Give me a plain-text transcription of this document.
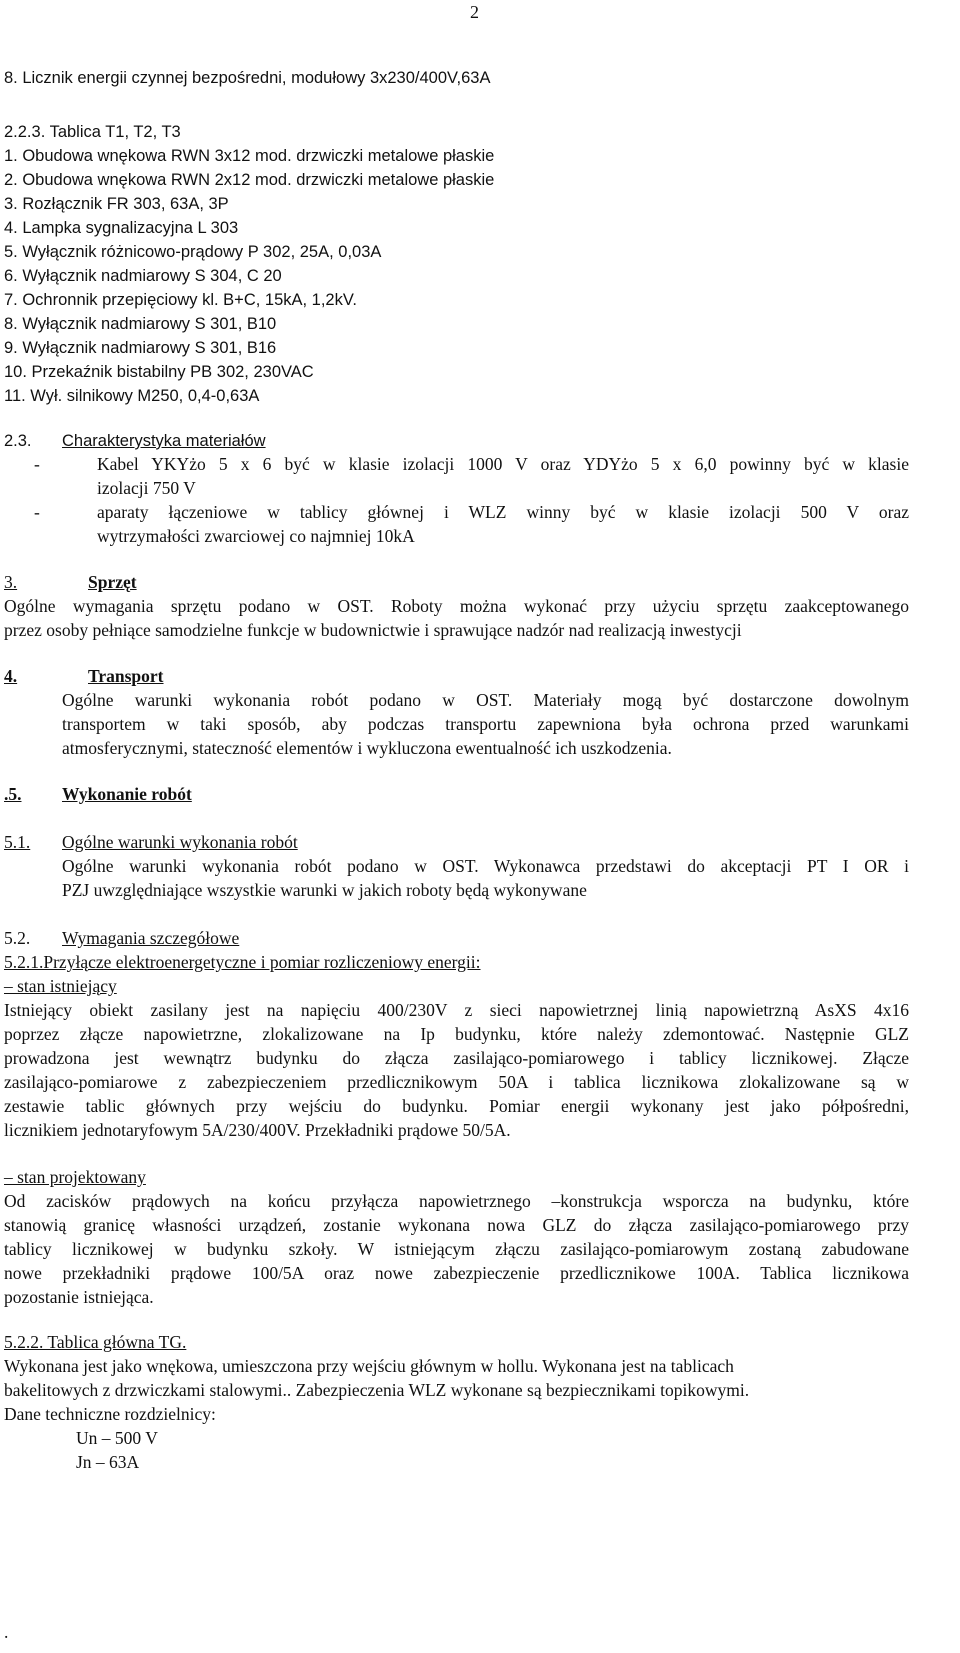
2
8. Licznik energii czynnej bezpośredni, modułowy 3x230/400V,63A
2.2.3. Tablica T1, T2, T3
1. Obudowa wnękowa RWN 3x12 mod. drzwiczki metalowe płaskie
2. Obudowa wnękowa RWN 2x12 mod. drzwiczki metalowe płaskie
3. Rozłącznik FR 303, 63A, 3P
4. Lampka sygnalizacyjna L 303
5. Wyłącznik różnicowo-prądowy P 302, 25A, 0,03A
6. Wyłącznik nadmiarowy S 304, C 20
7. Ochronnik przepięciowy kl. B+C, 15kA, 1,2kV.
8. Wyłącznik nadmiarowy S 301, B10
9. Wyłącznik nadmiarowy S 301, B16
10. Przekaźnik bistabilny PB 302, 230VAC
11. Wył. silnikowy M250, 0,4-0,63A
2.3. Charakterystyka materiałów
-	Kabel YKYżo 5 x 6 być w klasie izolacji 1000 V oraz YDYżo 5 x 6,0 powinny być w klasie
izolacji 750 V
-	aparaty łączeniowe w tablicy głównej i WLZ winny być w klasie izolacji 500 V oraz
wytrzymałości zwarciowej co najmniej 10kA
3.	Sprzęt
Ogólne wymagania sprzętu podano w OST. Roboty można wykonać przy użyciu sprzętu zaakceptowanego
przez osoby pełniące samodzielne funkcje w budownictwie i sprawujące nadzór nad realizacją inwestycji
4.	Transport
Ogólne warunki wykonania robót podano w OST. Materiały mogą być dostarczone dowolnym
transportem w taki sposób, aby podczas transportu zapewniona była ochrona przed warunkami
atmosferycznymi, stateczność elementów i wykluczona ewentualność ich uszkodzenia.
.5. Wykonanie robót
5.1. Ogólne warunki wykonania robót
Ogólne warunki wykonania robót podano w OST. Wykonawca przedstawi do akceptacji PT I OR i
PZJ uwzględniające wszystkie warunki w jakich roboty będą wykonywane
5.2. Wymagania szczegółowe
5.2.1.Przyłącze elektroenergetyczne i pomiar rozliczeniowy energii:
– stan istniejący
Istniejący obiekt zasilany jest na napięciu 400/230V z sieci napowietrznej linią napowietrzną AsXS 4x16
poprzez złącze napowietrzne, zlokalizowane na Ip budynku, które należy zdemontować. Następnie GLZ
prowadzona jest wewnątrz budynku do złącza zasilająco-pomiarowego i tablicy licznikowej. Złącze
zasilająco-pomiarowe z zabezpieczeniem przedlicznikowym 50A i tablica licznikowa zlokalizowane są w
zestawie tablic głównych przy wejściu do budynku. Pomiar energii wykonany jest jako półpośredni,
licznikiem jednotaryfowym 5A/230/400V. Przekładniki prądowe 50/5A.
– stan projektowany
Od zacisków prądowych na końcu przyłącza napowietrznego –konstrukcja wsporcza na budynku, które
stanowią granicę własności urządzeń, zostanie wykonana nowa GLZ do złącza zasilająco-pomiarowego przy
tablicy licznikowej w budynku szkoły. W istniejącym złączu zasilająco-pomiarowym zostaną zabudowane
nowe przekładniki prądowe 100/5A oraz nowe zabezpieczenie przedlicznikowe 100A. Tablica licznikowa
pozostanie istniejąca.
5.2.2. Tablica główna TG.
Wykonana jest jako wnękowa, umieszczona przy wejściu głównym w hollu. Wykonana jest na tablicach
bakelitowych z drzwiczkami stalowymi.. Zabezpieczenia WLZ wykonane są bezpiecznikami topikowymi.
Dane techniczne rozdzielnicy:
Un – 500 V
Jn – 63A
.
